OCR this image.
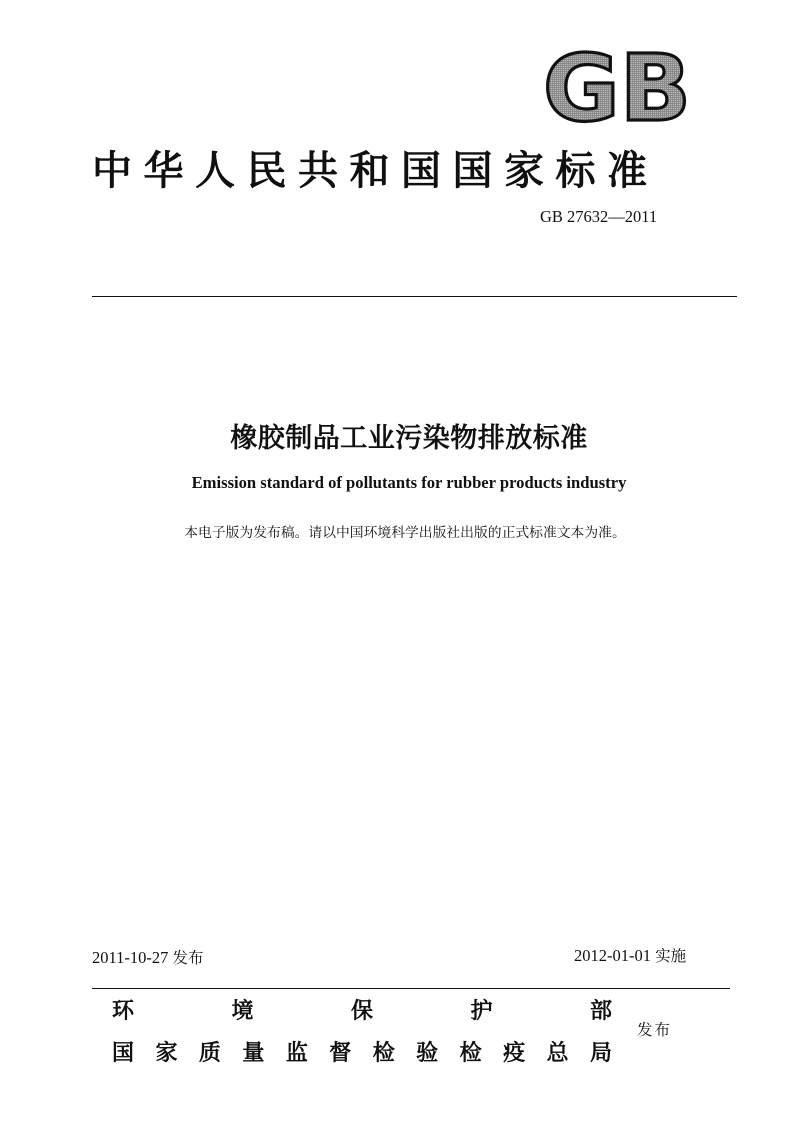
GB
中华人民共和国国家标准
GB 27632—2011
橡胶制品工业污染物排放标准
Emission standard of pollutants for rubber products industry
本电子版为发布稿。请以中国环境科学出版社出版的正式标准文本为准。
2011-10-27 发布	2012-01-01 实施
环	境	保	护	部
国 家 质 量 监 督 检 验 检 疫 总 局
发布
